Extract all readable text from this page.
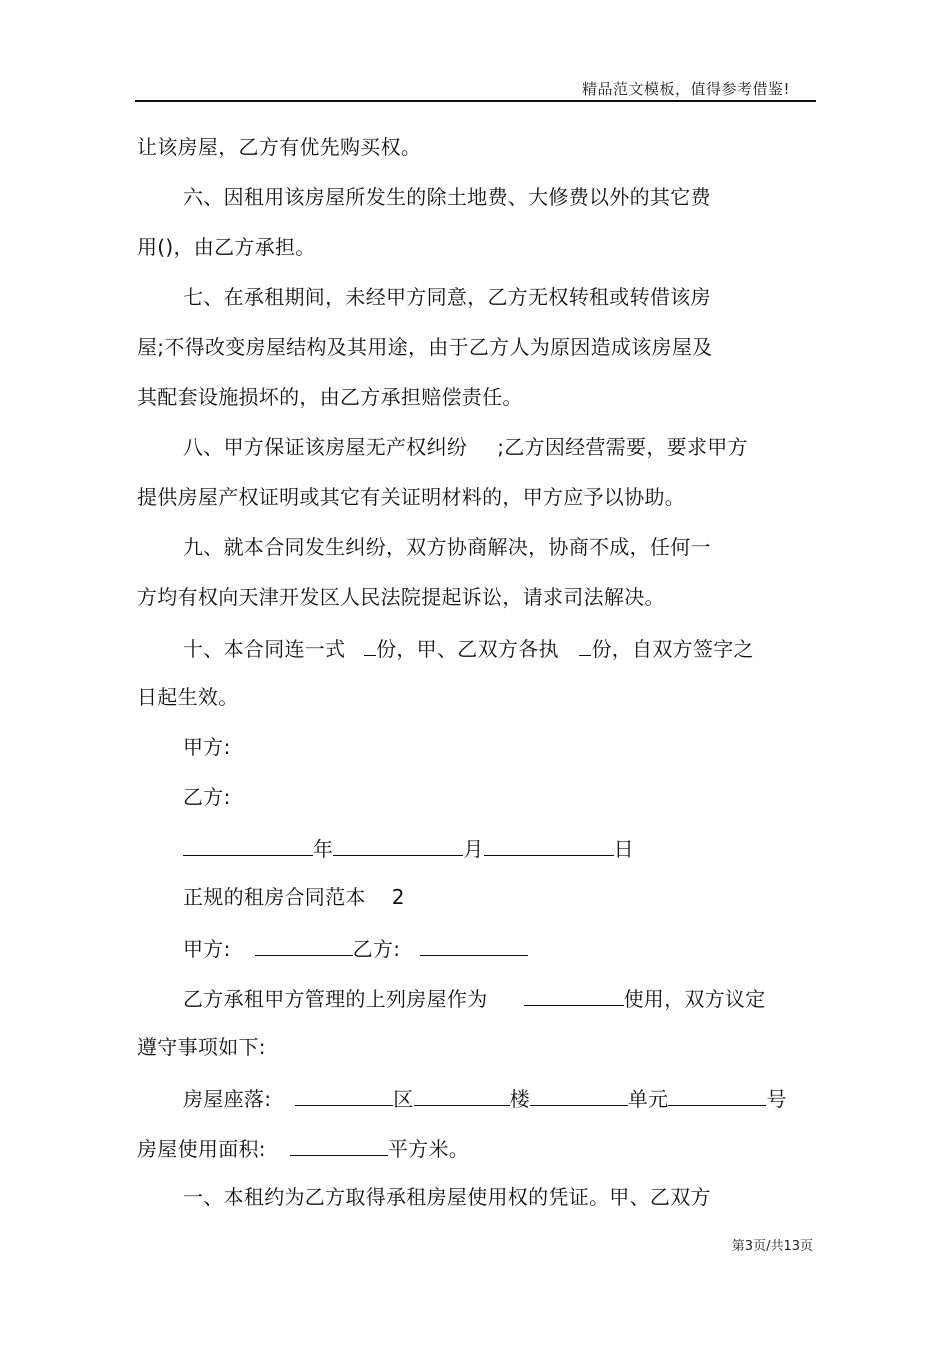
精品范文模板，值得参考借鉴!
让该房屋，乙方有优先购买权。
六、因租用该房屋所发生的除土地费、大修费以外的其它费
用()，由乙方承担。
七、在承租期间，未经甲方同意，乙方无权转租或转借该房
屋;不得改变房屋结构及其用途，由于乙方人为原因造成该房屋及
其配套设施损坏的，由乙方承担赔偿责任。
八、甲方保证该房屋无产权纠纷 ;乙方因经营需要，要求甲方
提供房屋产权证明或其它有关证明材料的，甲方应予以协助。
九、就本合同发生纠纷，双方协商解决，协商不成，任何一
方均有权向天津开发区人民法院提起诉讼，请求司法解决。
十、本合同连一式 份，甲、乙双方各执 份，自双方签字之
日起生效。
甲方:
乙方:
年	月	日
正规的租房合同范本 2
甲方:	乙方:
乙方承租甲方管理的上列房屋作为	使用，双方议定
遵守事项如下:
房屋座落:	区	楼	单元	号
房屋使用面积:	平方米。
一、本租约为乙方取得承租房屋使用权的凭证。甲、乙双方
第3页/共13页
